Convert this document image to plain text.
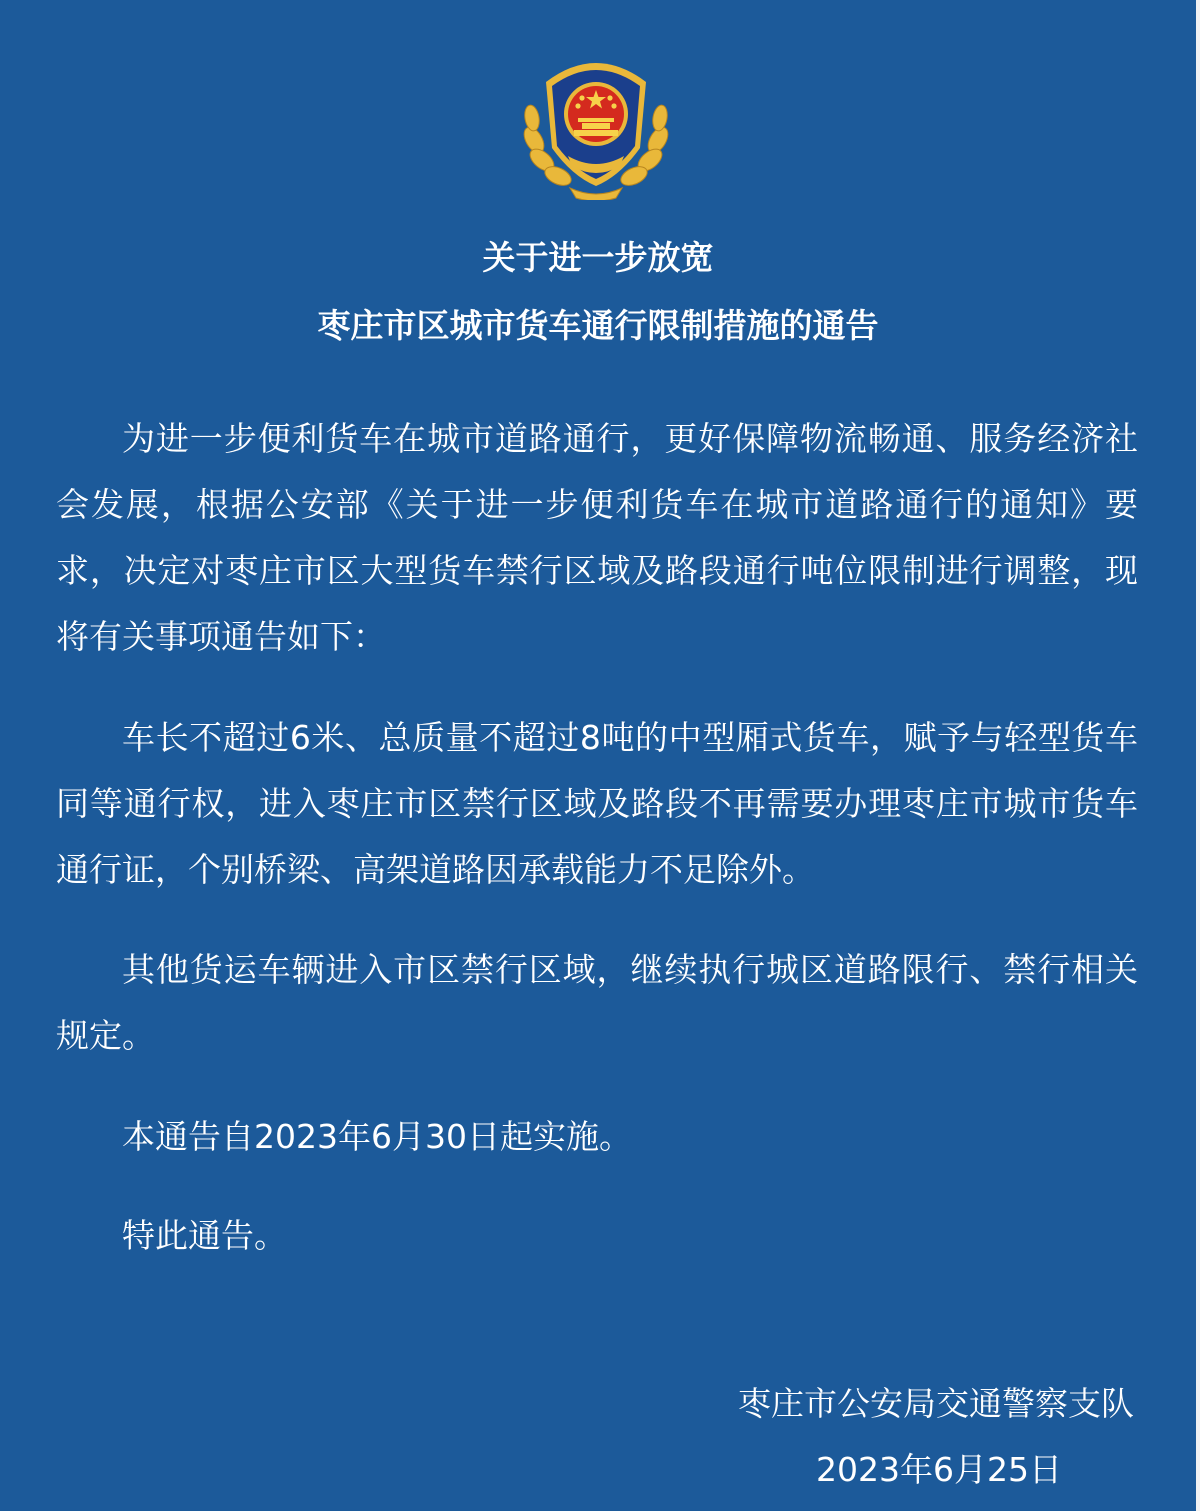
关于进一步放宽
枣庄市区城市货车通行限制措施的通告

为进一步便利货车在城市道路通行，更好保障物流畅通、服务经济社会发展，根据公安部《关于进一步便利货车在城市道路通行的通知》要求，决定对枣庄市区大型货车禁行区域及路段通行吨位限制进行调整，现将有关事项通告如下：

车长不超过6米、总质量不超过8吨的中型厢式货车，赋予与轻型货车同等通行权，进入枣庄市区禁行区域及路段不再需要办理枣庄市城市货车通行证，个别桥梁、高架道路因承载能力不足除外。

其他货运车辆进入市区禁行区域，继续执行城区道路限行、禁行相关规定。

本通告自2023年6月30日起实施。

特此通告。

枣庄市公安局交通警察支队
2023年6月25日
